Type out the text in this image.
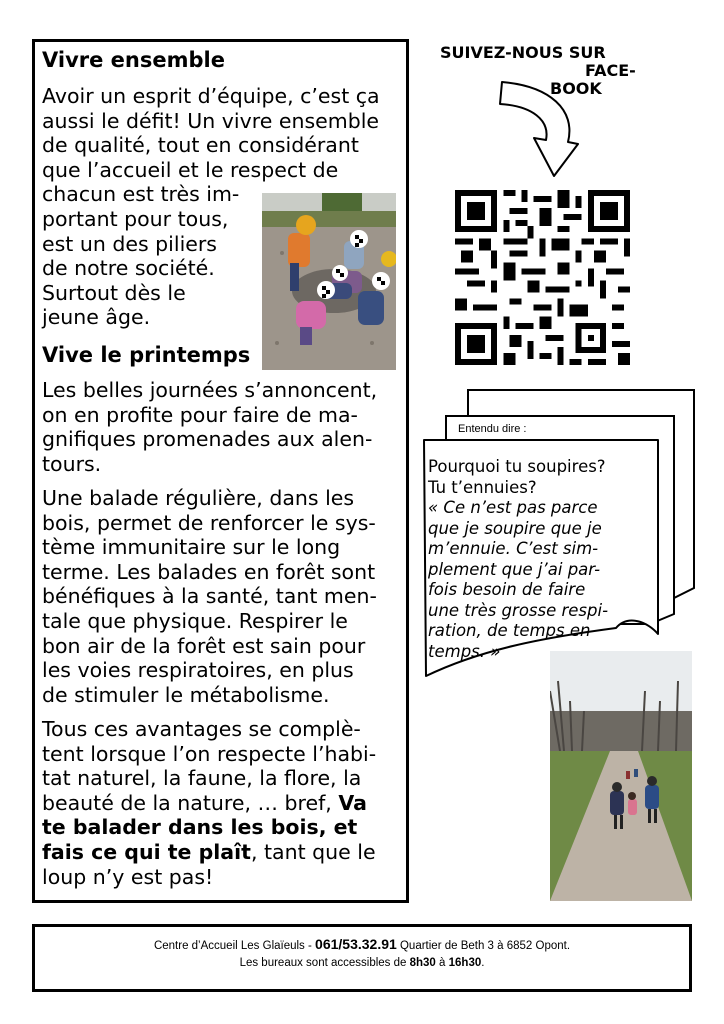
Vivre ensemble
Avoir un esprit d’équipe, c’est ça
aussi le défit! Un vivre ensemble
de qualité, tout en considérant
que l’accueil et le respect de
chacun est très im-
portant pour tous,
est un des piliers
de notre société.
Surtout dès le
jeune âge.
Vive le printemps
Les belles journées s’annoncent,
on en profite pour faire de ma-
gnifiques promenades aux alen-
tours.
Une balade régulière, dans les
bois, permet de renforcer le sys-
tème immunitaire sur le long
terme. Les balades en forêt sont
bénéfiques à la santé, tant men-
tale que physique. Respirer le
bon air de la forêt est sain pour
les voies respiratoires, en plus
de stimuler le métabolisme.
Tous ces avantages se complè-
tent lorsque l’on respecte l’habi-
tat naturel, la faune, la flore, la
beauté de la nature, … bref, Va
te balader dans les bois, et
fais ce qui te plaît, tant que le
loup n’y est pas!
SUIVEZ-NOUS SUR
FACE-
BOOK
Entendu dire :
Pourquoi tu soupires?
Tu t’ennuies?
« Ce n’est pas parce
que je soupire que je
m’ennuie. C’est sim-
plement que j’ai par-
fois besoin de faire
une très grosse respi-
ration, de temps en
temps. »
Centre d’Accueil Les Glaïeuls - 061/53.32.91 Quartier de Beth 3 à 6852 Opont.
Les bureaux sont accessibles de 8h30 à 16h30.
